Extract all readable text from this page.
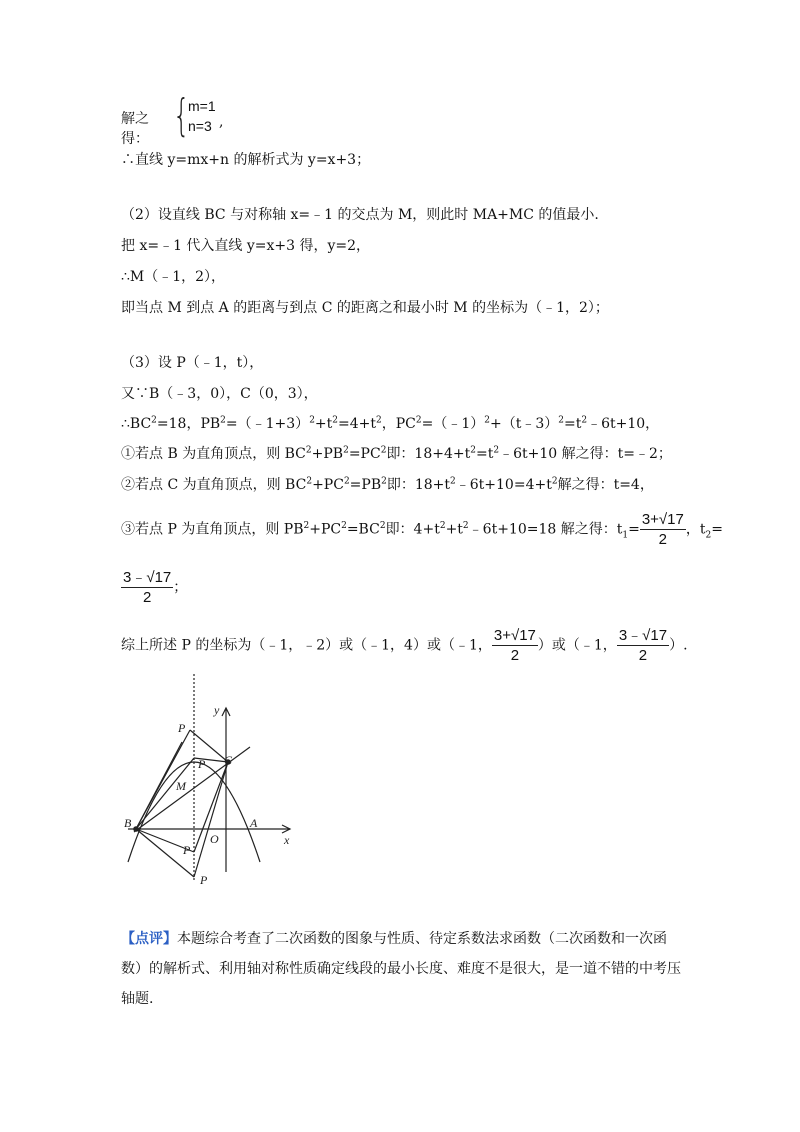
解之得： {
m=1
n=3 ,
∴直线 y=mx+n 的解析式为 y=x+3；
（2）设直线 BC 与对称轴 x=﹣1 的交点为 M，则此时 MA+MC 的值最小.
把 x=﹣1 代入直线 y=x+3 得，y=2，
∴M（﹣1，2），
即当点 M 到点 A 的距离与到点 C 的距离之和最小时 M 的坐标为（﹣1，2）；
（3）设 P（﹣1，t），
又∵B（﹣3，0），C（0，3），
$\therefore BC^2=18$，$PB^2=(﹣1+3)^2+t^2=4+t^2$，$PC^2=(﹣1)^2+(t﹣3)^2=t^2﹣6t+10$，
①若点 B 为直角顶点，则 $BC^2+PB^2=PC^2$即：$18+4+t^2=t^2﹣6t+10$ 解之得：t=﹣2；
②若点 C 为直角顶点，则 $BC^2+PC^2=PB^2$即：$18+t^2﹣6t+10=4+t^2$解之得：t=4，
③若点 P 为直角顶点，则 $PB^2+PC^2=BC^2$即：$4+t^2+t^2﹣6t+10=18$ 解之得：$t_1= \frac{3+√17}{2}$ ，$t_2=$
$\frac{3﹣√17}{2}$ ；
综上所述 P 的坐标为（﹣1，﹣2）或（﹣1，4）或（﹣1， $\frac{3+√17}{2}$ ）或（﹣1， $\frac{3﹣√17}{2}$ ）.
y
x
B
O
A
C
M
P
P
P
P
【点评】本题综合考查了二次函数的图象与性质、待定系数法求函数（二次函数和一次函数）的解析式、利用轴对称性质确定线段的最小长度、难度不是很大，是一道不错的中考压轴题.
